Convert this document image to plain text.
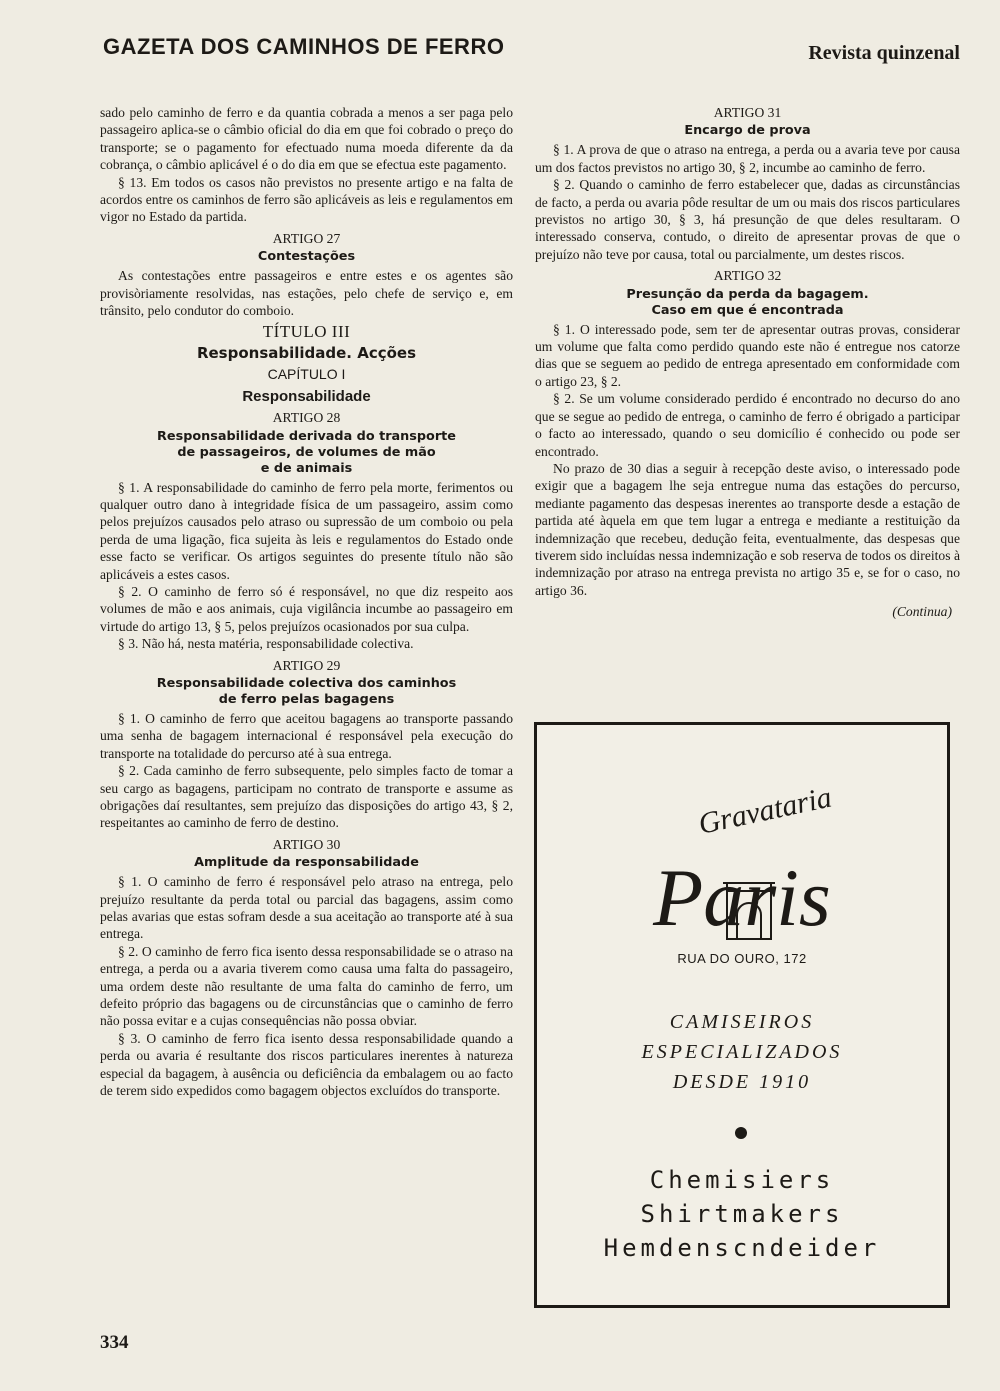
GAZETA DOS CAMINHOS DE FERRO	Revista quinzenal

sado pelo caminho de ferro e da quantia cobrada a menos a ser paga pelo passageiro aplica-se o câmbio oficial do dia em que foi cobrado o preço do transporte; se o pagamento for efectuado numa moeda diferente da da cobrança, o câmbio aplicável é o do dia em que se efectua este pagamento.

§ 13. Em todos os casos não previstos no presente artigo e na falta de acordos entre os caminhos de ferro são aplicáveis as leis e regulamentos em vigor no Estado da partida.

ARTIGO 27
Contestações

As contestações entre passageiros e entre estes e os agentes são provisòriamente resolvidas, nas estações, pelo chefe de serviço e, em trânsito, pelo condutor do comboio.

TÍTULO III
Responsabilidade. Acções
CAPÍTULO I
Responsabilidade
ARTIGO 28
Responsabilidade derivada do transporte
de passageiros, de volumes de mão
e de animais

§ 1. A responsabilidade do caminho de ferro pela morte, ferimentos ou qualquer outro dano à integridade física de um passageiro, assim como pelos prejuízos causados pelo atraso ou supressão de um comboio ou pela perda de uma ligação, fica sujeita às leis e regulamentos do Estado onde esse facto se verificar. Os artigos seguintes do presente título não são aplicáveis a estes casos.

§ 2. O caminho de ferro só é responsável, no que diz respeito aos volumes de mão e aos animais, cuja vigilância incumbe ao passageiro em virtude do artigo 13, § 5, pelos prejuízos ocasionados por sua culpa.

§ 3. Não há, nesta matéria, responsabilidade colectiva.

ARTIGO 29
Responsabilidade colectiva dos caminhos
de ferro pelas bagagens

§ 1. O caminho de ferro que aceitou bagagens ao transporte passando uma senha de bagagem internacional é responsável pela execução do transporte na totalidade do percurso até à sua entrega.

§ 2. Cada caminho de ferro subsequente, pelo simples facto de tomar a seu cargo as bagagens, participam no contrato de transporte e assume as obrigações daí resultantes, sem prejuízo das disposições do artigo 43, § 2, respeitantes ao caminho de ferro de destino.

ARTIGO 30
Amplitude da responsabilidade

§ 1. O caminho de ferro é responsável pelo atraso na entrega, pelo prejuízo resultante da perda total ou parcial das bagagens, assim como pelas avarias que estas sofram desde a sua aceitação ao transporte até à sua entrega.

§ 2. O caminho de ferro fica isento dessa responsabilidade se o atraso na entrega, a perda ou a avaria tiverem como causa uma falta do passageiro, uma ordem deste não resultante de uma falta do caminho de ferro, um defeito próprio das bagagens ou de circunstâncias que o caminho de ferro não possa evitar e a cujas consequências não possa obviar.

§ 3. O caminho de ferro fica isento dessa responsabilidade quando a perda ou avaria é resultante dos riscos particulares inerentes à natureza especial da bagagem, à ausência ou deficiência da embalagem ou ao facto de terem sido expedidos como bagagem objectos excluídos do transporte.

ARTIGO 31
Encargo de prova

§ 1. A prova de que o atraso na entrega, a perda ou a avaria teve por causa um dos factos previstos no artigo 30, § 2, incumbe ao caminho de ferro.

§ 2. Quando o caminho de ferro estabelecer que, dadas as circunstâncias de facto, a perda ou avaria pôde resultar de um ou mais dos riscos particulares previstos no artigo 30, § 3, há presunção de que deles resultaram. O interessado conserva, contudo, o direito de apresentar provas de que o prejuízo não teve por causa, total ou parcialmente, um destes riscos.

ARTIGO 32
Presunção da perda da bagagem.
Caso em que é encontrada

§ 1. O interessado pode, sem ter de apresentar outras provas, considerar um volume que falta como perdido quando este não é entregue nos catorze dias que se seguem ao pedido de entrega apresentado em conformidade com o artigo 23, § 2.

§ 2. Se um volume considerado perdido é encontrado no decurso do ano que se segue ao pedido de entrega, o caminho de ferro é obrigado a participar o facto ao interessado, quando o seu domicílio é conhecido ou pode ser encontrado.

No prazo de 30 dias a seguir à recepção deste aviso, o interessado pode exigir que a bagagem lhe seja entregue numa das estações do percurso, mediante pagamento das despesas inerentes ao transporte desde a estação de partida até àquela em que tem lugar a entrega e mediante a restituição da indemnização que recebeu, dedução feita, eventualmente, das despesas que tiverem sido incluídas nessa indemnização e sob reserva de todos os direitos à indemnização por atraso na entrega prevista no artigo 35 e, se for o caso, no artigo 36.

(Continua)
Gravataria
Paris
RUA DO OURO, 172
CAMISEIROS
ESPECIALIZADOS
DESDE 1910
Chemisiers
Shirtmakers
Hemdenscndeider
334
